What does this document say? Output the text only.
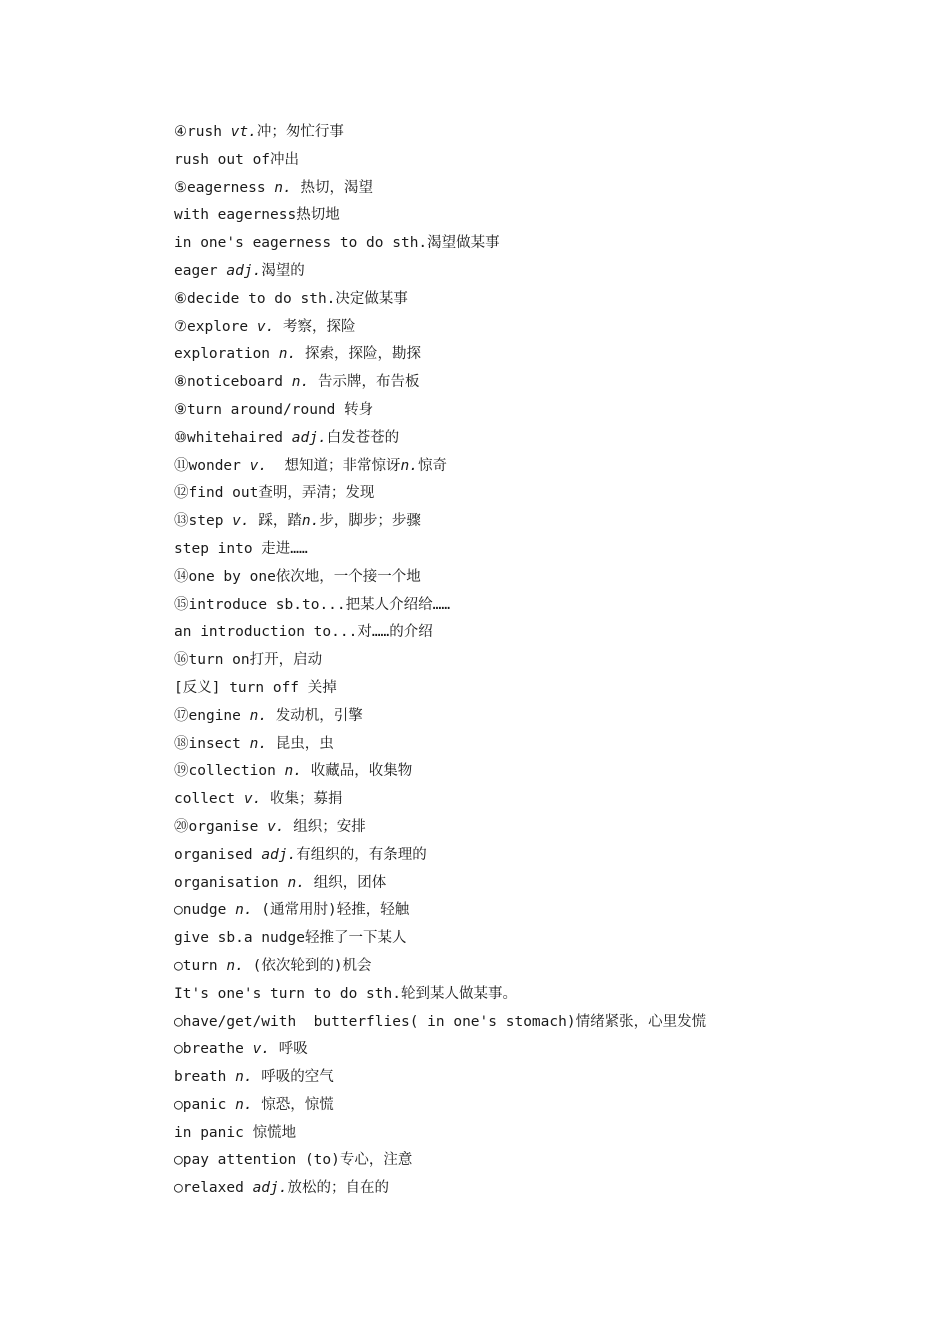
④rush vt.冲；匆忙行事
rush out of冲出
⑤eagerness n. 热切，渴望
with eagerness热切地
in one's eagerness to do sth.渴望做某事
eager adj.渴望的
⑥decide to do sth.决定做某事
⑦explore v. 考察，探险
exploration n. 探索，探险，勘探
⑧noticeboard n. 告示牌，布告板
⑨turn around/round 转身
⑩whitehaired adj.白发苍苍的
⑪wonder v.  想知道；非常惊讶n.惊奇
⑫find out查明，弄清；发现
⑬step v. 踩，踏n.步，脚步；步骤
step into 走进……
⑭one by one依次地，一个接一个地
⑮introduce sb.to...把某人介绍给……
an introduction to...对……的介绍
⑯turn on打开，启动
[反义] turn off 关掉
⑰engine n. 发动机，引擎
⑱insect n. 昆虫，虫
⑲collection n. 收藏品，收集物
collect v. 收集；募捐
⑳organise v. 组织；安排
organised adj.有组织的，有条理的
organisation n. 组织，团体
○nudge n. (通常用肘)轻推，轻触
give sb.a nudge轻推了一下某人
○turn n. (依次轮到的)机会
It's one's turn to do sth.轮到某人做某事。
○have/get/with  butterflies( in one's stomach)情绪紧张，心里发慌
○breathe v. 呼吸
breath n. 呼吸的空气
○panic n. 惊恐，惊慌
in panic 惊慌地
○pay attention (to)专心，注意
○relaxed adj.放松的；自在的
